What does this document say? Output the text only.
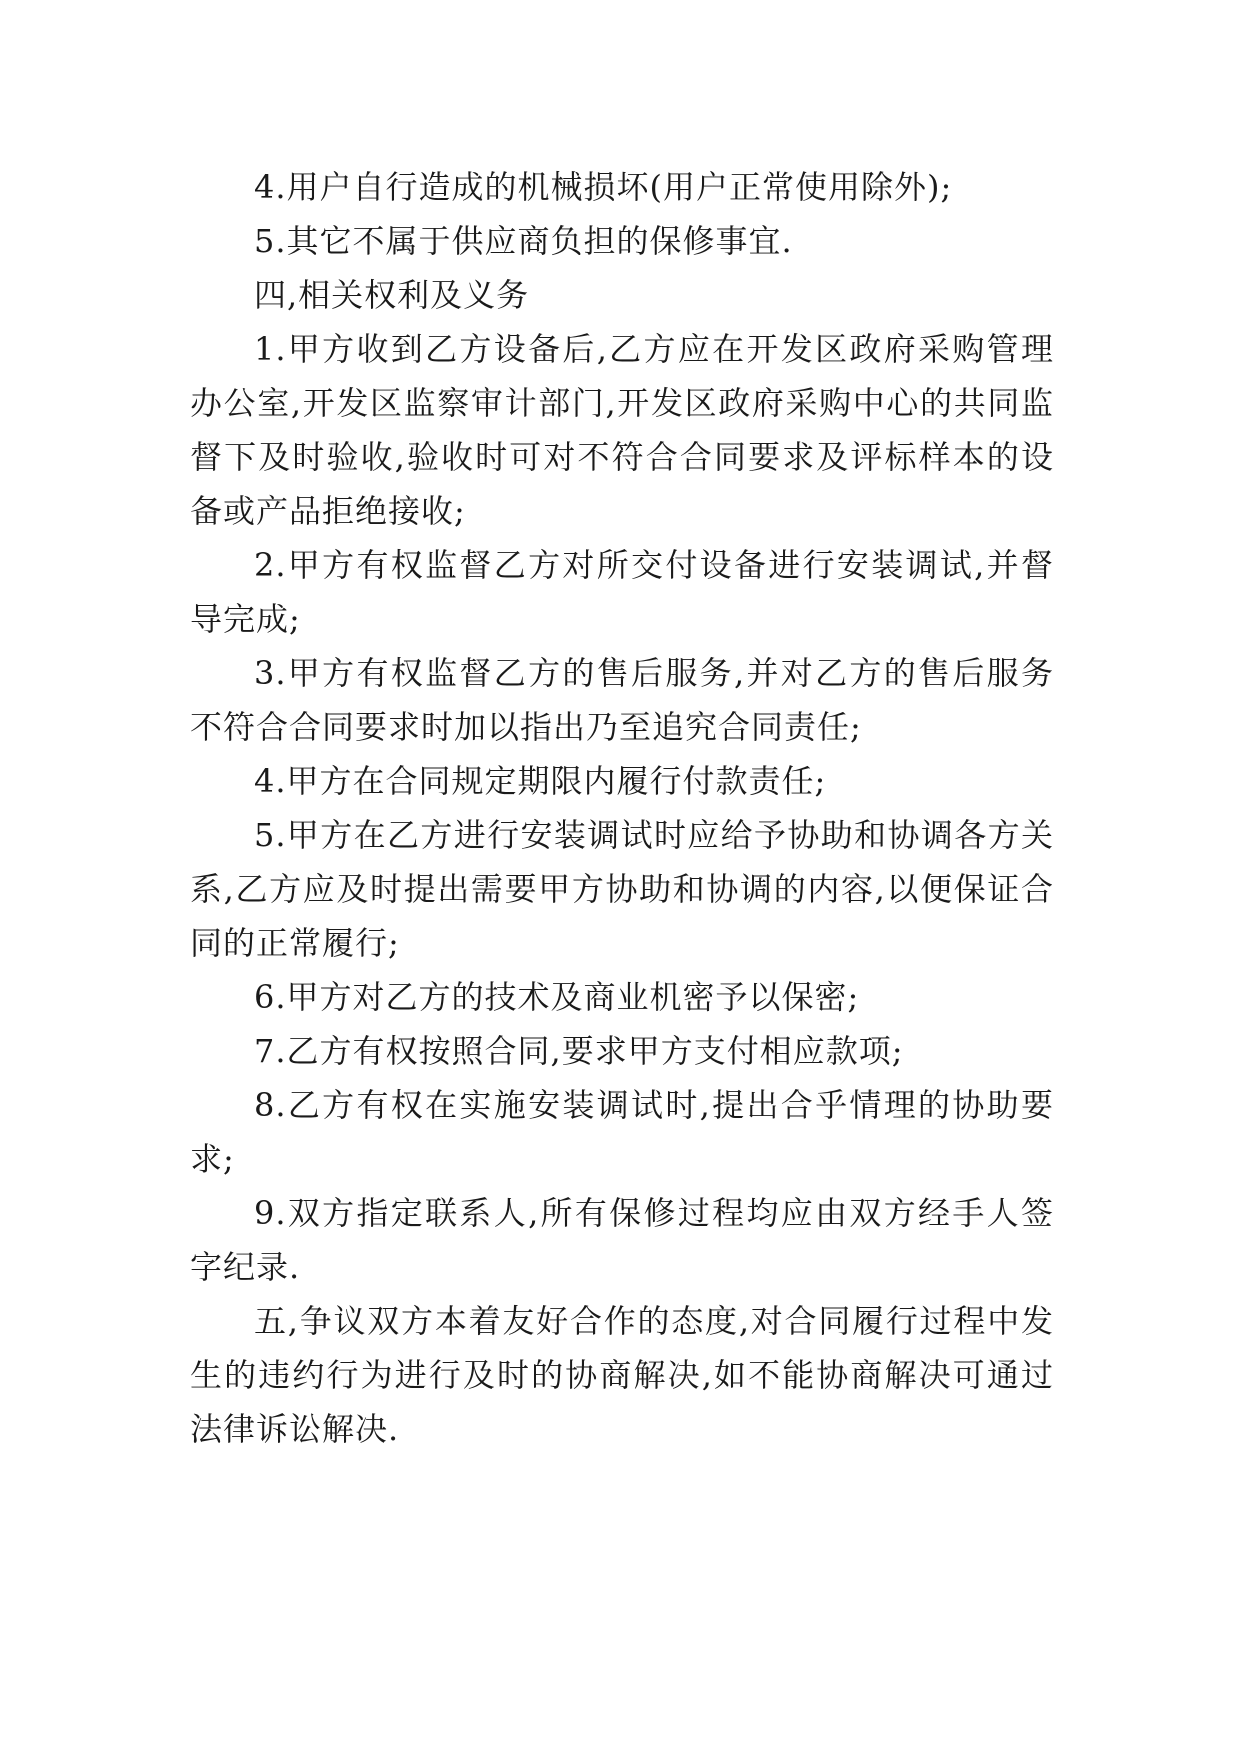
4.用户自行造成的机械损坏(用户正常使用除外);

5.其它不属于供应商负担的保修事宜.

四,相关权利及义务

1.甲方收到乙方设备后,乙方应在开发区政府采购管理办公室,开发区监察审计部门,开发区政府采购中心的共同监督下及时验收,验收时可对不符合合同要求及评标样本的设备或产品拒绝接收;

2.甲方有权监督乙方对所交付设备进行安装调试,并督导完成;

3.甲方有权监督乙方的售后服务,并对乙方的售后服务不符合合同要求时加以指出乃至追究合同责任;

4.甲方在合同规定期限内履行付款责任;

5.甲方在乙方进行安装调试时应给予协助和协调各方关系,乙方应及时提出需要甲方协助和协调的内容,以便保证合同的正常履行;

6.甲方对乙方的技术及商业机密予以保密;

7.乙方有权按照合同,要求甲方支付相应款项;

8.乙方有权在实施安装调试时,提出合乎情理的协助要求;

9.双方指定联系人,所有保修过程均应由双方经手人签字纪录.

五,争议双方本着友好合作的态度,对合同履行过程中发生的违约行为进行及时的协商解决,如不能协商解决可通过法律诉讼解决.
